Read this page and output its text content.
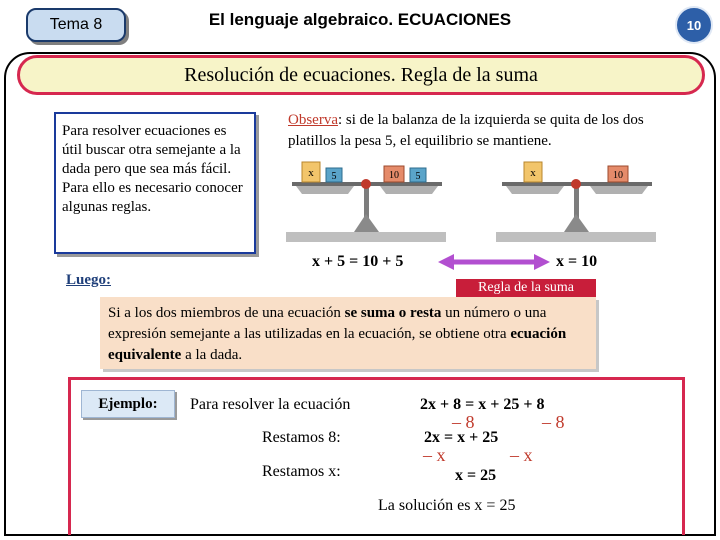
Tema 8	El lenguaje algebraico. ECUACIONES	10
Resolución de ecuaciones. Regla de la suma
Para resolver ecuaciones es útil buscar otra semejante a la dada pero que sea más fácil. Para ello es necesario conocer algunas reglas.
Observa: si de la balanza de la izquierda se quita de los dos platillos la pesa 5, el equilibrio se mantiene.
x 5	10 5	x	10
x + 5 = 10 + 5	x = 10
Luego:	Regla de la suma
Si a los dos miembros de una ecuación se suma o resta un número o una expresión semejante a las utilizadas en la ecuación, se obtiene otra ecuación equivalente a la dada.
Ejemplo:	Para resolver la ecuación	2x + 8 = x + 25 + 8
– 8	– 8
Restamos 8:	2x = x + 25
– x	– x
Restamos x:	x = 25
La solución es x = 25
